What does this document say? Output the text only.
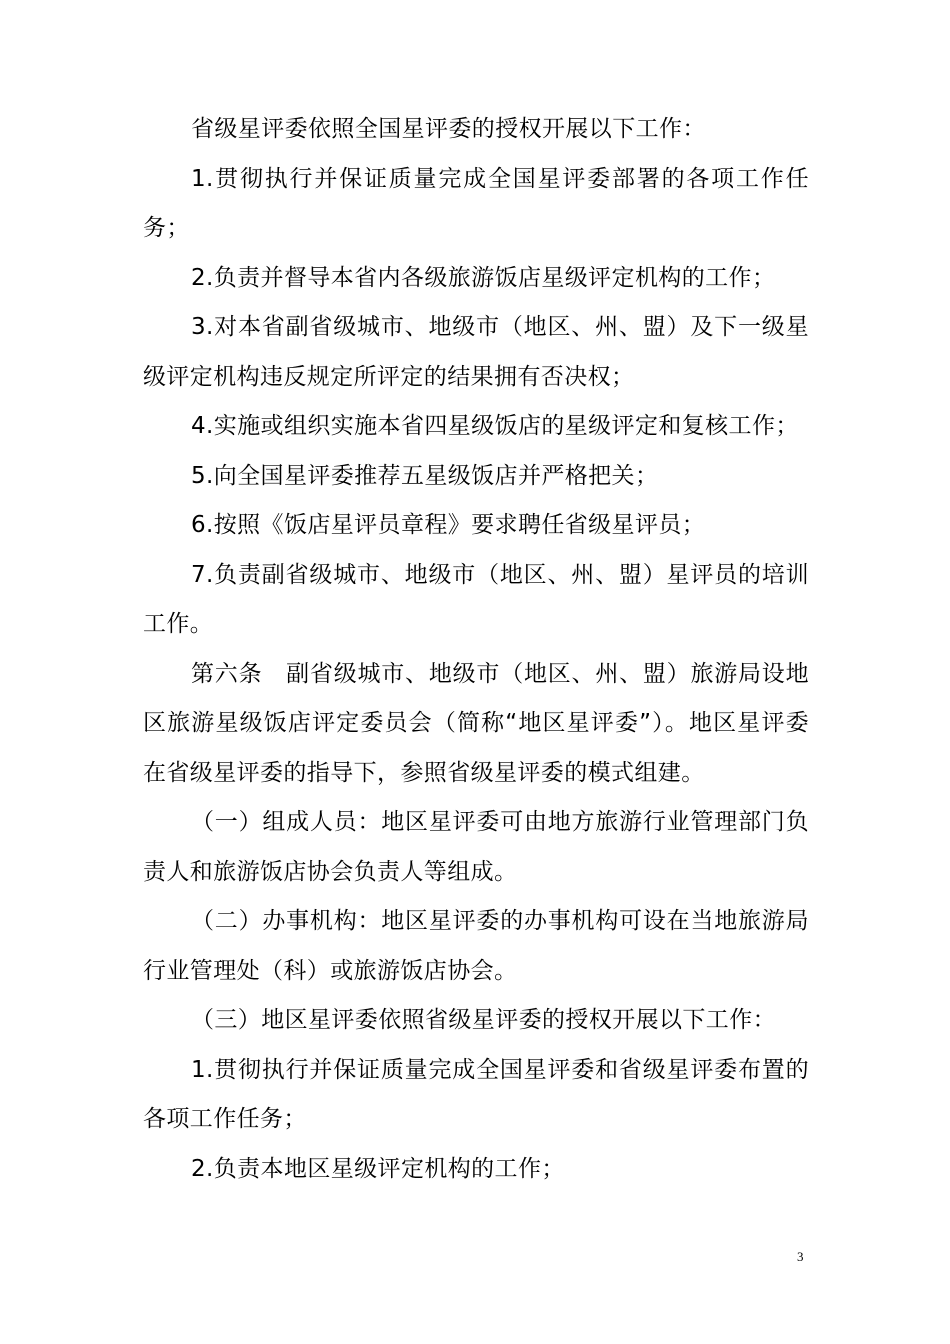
省级星评委依照全国星评委的授权开展以下工作：

1.贯彻执行并保证质量完成全国星评委部署的各项工作任务；

2.负责并督导本省内各级旅游饭店星级评定机构的工作；

3.对本省副省级城市、地级市（地区、州、盟）及下一级星级评定机构违反规定所评定的结果拥有否决权；

4.实施或组织实施本省四星级饭店的星级评定和复核工作；

5.向全国星评委推荐五星级饭店并严格把关；

6.按照《饭店星评员章程》要求聘任省级星评员；

7.负责副省级城市、地级市（地区、州、盟）星评员的培训工作。

第六条　副省级城市、地级市（地区、州、盟）旅游局设地区旅游星级饭店评定委员会（简称“地区星评委”）。地区星评委在省级星评委的指导下，参照省级星评委的模式组建。

（一）组成人员：地区星评委可由地方旅游行业管理部门负责人和旅游饭店协会负责人等组成。

（二）办事机构：地区星评委的办事机构可设在当地旅游局行业管理处（科）或旅游饭店协会。

（三）地区星评委依照省级星评委的授权开展以下工作：

1.贯彻执行并保证质量完成全国星评委和省级星评委布置的各项工作任务；

2.负责本地区星级评定机构的工作；

3
